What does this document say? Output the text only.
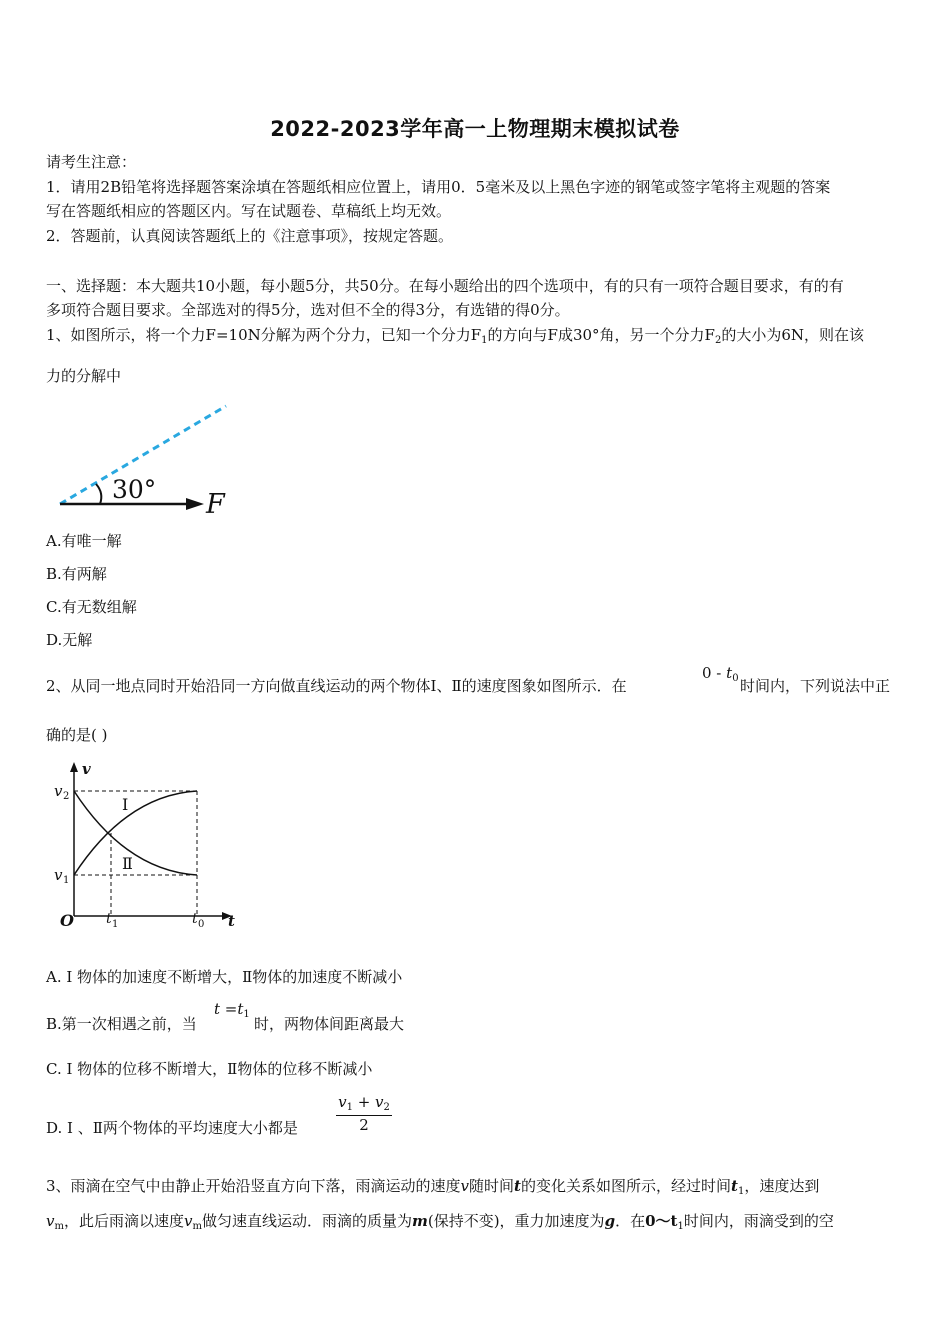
2022-2023学年高一上物理期末模拟试卷
请考生注意：
1．请用2B铅笔将选择题答案涂填在答题纸相应位置上，请用0．5毫米及以上黑色字迹的钢笔或签字笔将主观题的答案
写在答题纸相应的答题区内。写在试题卷、草稿纸上均无效。
2．答题前，认真阅读答题纸上的《注意事项》，按规定答题。
一、选择题：本大题共10小题，每小题5分，共50分。在每小题给出的四个选项中，有的只有一项符合题目要求，有的有
多项符合题目要求。全部选对的得5分，选对但不全的得3分，有选错的得0分。
1、如图所示，将一个力F=10N分解为两个分力，已知一个分力$F_1$的方向与F成30°角，另一个分力$F_2$的大小为6N，则在该
力的分解中
30° F
A.有唯一解
B.有两解
C.有无数组解
D.无解
2、从同一地点同时开始沿同一方向做直线运动的两个物体Ⅰ、Ⅱ的速度图象如图所示．在
$0 - t_0$ 时间内，下列说法中正
确的是( )
Ⅰ
Ⅱ
v
v 2
v 1
O t 1	t 0 t
A. Ⅰ 物体的加速度不断增大，Ⅱ物体的加速度不断减小
B.第一次相遇之前，当
$t =t_1$
时，两物体间距离最大
C. Ⅰ 物体的位移不断增大，Ⅱ物体的位移不断减小
D. Ⅰ 、Ⅱ两个物体的平均速度大小都是
$v_1 + v_2$
2
3、雨滴在空气中由静止开始沿竖直方向下落，雨滴运动的速度v随时间t的变化关系如图所示，经过时间$t_1$，速度达到
$v_m$，此后雨滴以速度$v_m$做匀速直线运动．雨滴的质量为m(保持不变)，重力加速度为g．在$0\sim t_1$时间内，雨滴受到的空
